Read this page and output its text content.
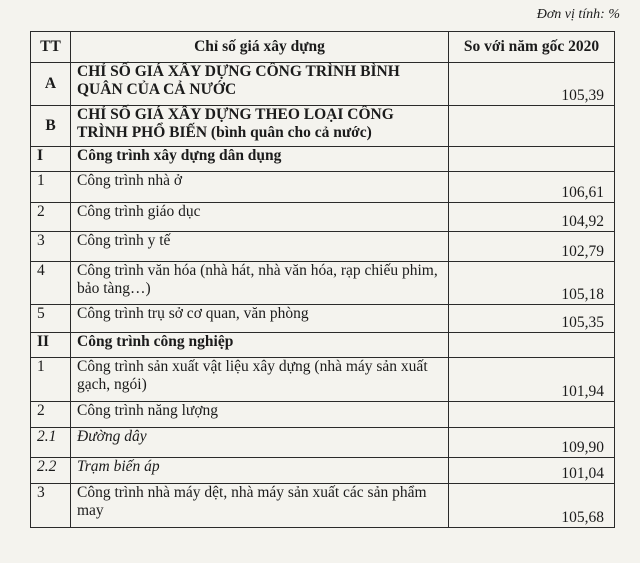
Đơn vị tính: %
TT	Chỉ số giá xây dựng	So với năm gốc 2020
A	CHỈ SỐ GIÁ XÂY DỰNG CÔNG TRÌNH BÌNH QUÂN CỦA CẢ NƯỚC	105,39
B	CHỈ SỐ GIÁ XÂY DỰNG THEO LOẠI CÔNG TRÌNH PHỔ BIẾN (bình quân cho cả nước)	
I	Công trình xây dựng dân dụng	
1	Công trình nhà ở	106,61
2	Công trình giáo dục	104,92
3	Công trình y tế	102,79
4	Công trình văn hóa (nhà hát, nhà văn hóa, rạp chiếu phim, bảo tàng…)	105,18
5	Công trình trụ sở cơ quan, văn phòng	105,35
II	Công trình công nghiệp	
1	Công trình sản xuất vật liệu xây dựng (nhà máy sản xuất gạch, ngói)	101,94
2	Công trình năng lượng	
2.1	Đường dây	109,90
2.2	Trạm biến áp	101,04
3	Công trình nhà máy dệt, nhà máy sản xuất các sản phẩm may	105,68
